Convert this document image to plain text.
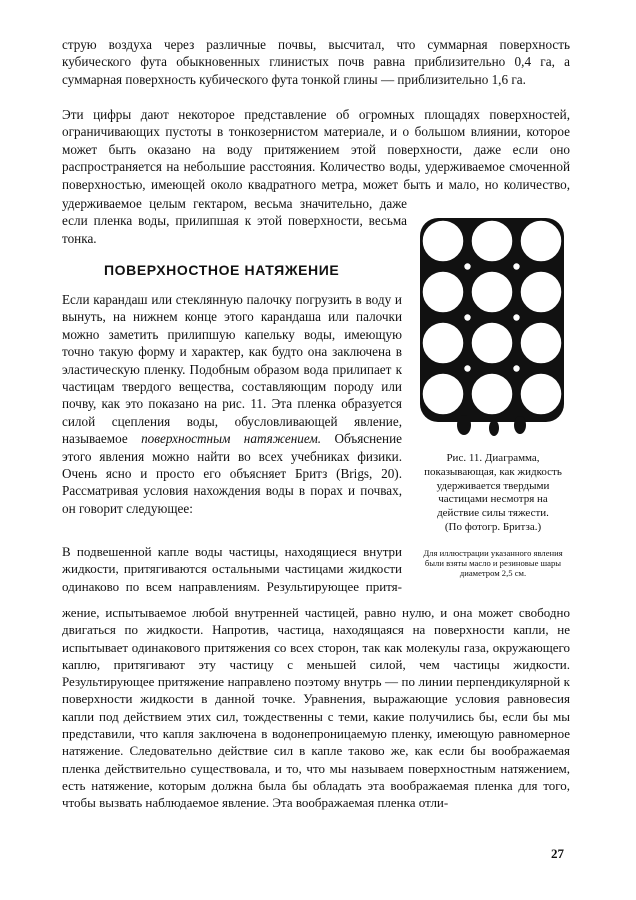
струю воздуха через различные почвы, высчитал, что суммарная поверхность кубического фута обыкновенных глинистых почв равна приблизительно 0,4 га, а суммарная поверхность кубического фута тонкой глины — приблизительно 1,6 га.

Эти цифры дают некоторое представление об огромных площадях поверхностей, ограничивающих пустоты в тонкозернистом материале, и о большом влиянии, которое может быть оказано на воду притяжением этой поверхности, даже если оно распространяется на небольшие расстояния. Количество воды, удерживаемое смоченной поверхностью, имеющей около квадратного метра, может быть и мало, но количество,

удерживаемое целым гектаром, весьма значительно, даже если пленка воды, прилипшая к этой поверхности, весьма тонка.

ПОВЕРХНОСТНОЕ НАТЯЖЕНИЕ

Если карандаш или стеклянную палочку погрузить в воду и вынуть, на нижнем конце этого карандаша или палочки можно заметить прилипшую капельку воды, имеющую точно такую форму и характер, как будто она заключена в эластическую пленку. Подобным образом вода прилипает к частицам твердого вещества, составляющим породу или почву, как это показано на рис. 11. Эта пленка образуется силой сцепления воды, обусловливающей явление, называемое поверхностным натяжением. Объяснение этого явления можно найти во всех учебниках физики. Очень ясно и просто его объясняет Бритз (Brigs, 20). Рассматривая условия нахождения воды в порах и почвах, он говорит следующее:

В подвешенной капле воды частицы, находящиеся внутри жидкости, притягиваются остальными частицами жидкости одинаково по всем направлениям. Результирующее притя-

жение, испытываемое любой внутренней частицей, равно нулю, и она может свободно двигаться по жидкости. Напротив, частица, находящаяся на поверхности капли, не испытывает одинакового притяжения со всех сторон, так как молекулы газа, окружающего каплю, притягивают эту частицу с меньшей силой, чем частицы жидкости. Результирующее притяжение направлено поэтому внутрь — по линии перпендикулярной к поверхности жидкости в данной точке. Уравнения, выражающие условия равновесия капли под действием этих сил, тождественны с теми, какие получились бы, если бы мы представили, что капля заключена в водонепроницаемую пленку, имеющую равномерное натяжение. Следовательно действие сил в капле таково же, как если бы воображаемая пленка действительно существовала, и то, что мы называем поверхностным натяжением, есть натяжение, которым должна была бы обладать эта воображаемая пленка для того, чтобы вызвать наблюдаемое явление. Эта воображаемая пленка отли-

Рис. 11. Диаграмма, показывающая, как жидкость удерживается твердыми частицами несмотря на действие силы тяжести.
(По фотогр. Бритза.)

Для иллюстрации указанного явления были взяты масло и резиновые шары диаметром 2,5 см.

27
